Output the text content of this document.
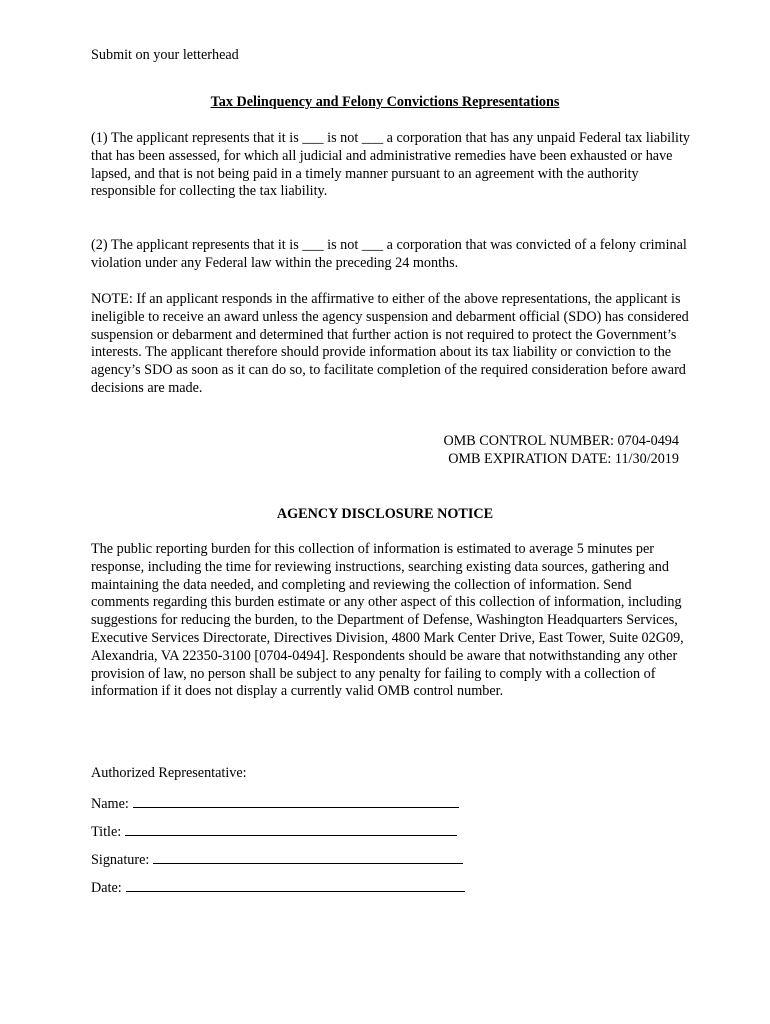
Submit on your letterhead

Tax Delinquency and Felony Convictions Representations

(1) The applicant represents that it is ___ is not ___ a corporation that has any unpaid Federal tax liability that has been assessed, for which all judicial and administrative remedies have been exhausted or have lapsed, and that is not being paid in a timely manner pursuant to an agreement with the authority responsible for collecting the tax liability.

(2) The applicant represents that it is ___ is not ___ a corporation that was convicted of a felony criminal violation under any Federal law within the preceding 24 months.

NOTE: If an applicant responds in the affirmative to either of the above representations, the applicant is ineligible to receive an award unless the agency suspension and debarment official (SDO) has considered suspension or debarment and determined that further action is not required to protect the Government’s interests. The applicant therefore should provide information about its tax liability or conviction to the agency’s SDO as soon as it can do so, to facilitate completion of the required consideration before award decisions are made.

OMB CONTROL NUMBER: 0704-0494

OMB EXPIRATION DATE: 11/30/2019

AGENCY DISCLOSURE NOTICE

The public reporting burden for this collection of information is estimated to average 5 minutes per response, including the time for reviewing instructions, searching existing data sources, gathering and maintaining the data needed, and completing and reviewing the collection of information. Send comments regarding this burden estimate or any other aspect of this collection of information, including suggestions for reducing the burden, to the Department of Defense, Washington Headquarters Services, Executive Services Directorate, Directives Division, 4800 Mark Center Drive, East Tower, Suite 02G09, Alexandria, VA 22350-3100 [0704-0494]. Respondents should be aware that notwithstanding any other provision of law, no person shall be subject to any penalty for failing to comply with a collection of information if it does not display a currently valid OMB control number.

Authorized Representative:

Name:
Title:
Signature:
Date:
